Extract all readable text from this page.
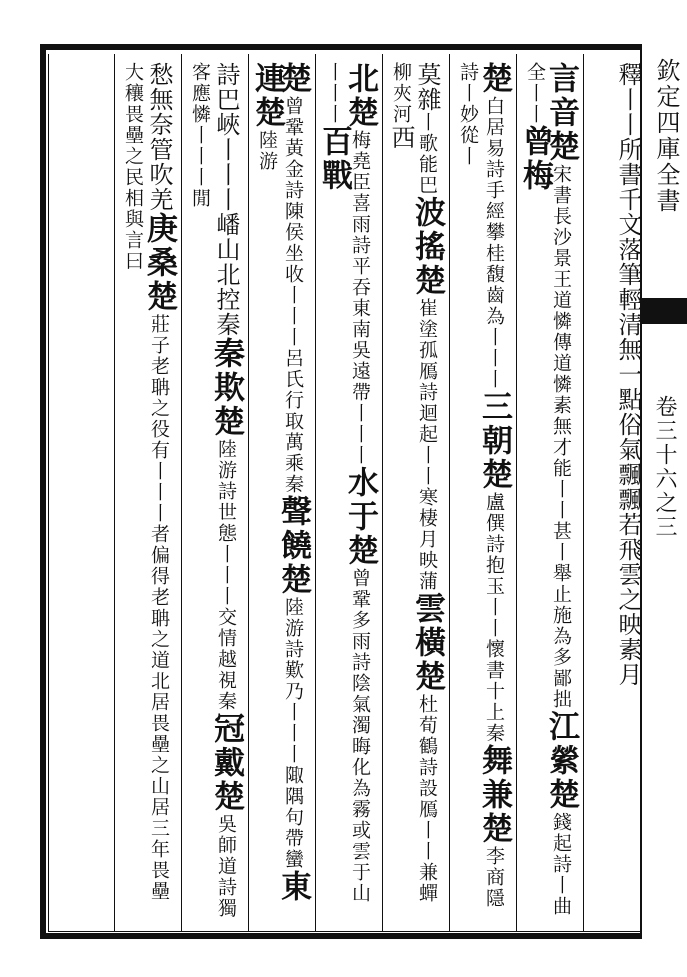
欽定四庫全書
卷三十六之三
釋丨丨所書千文落筆輕清無一點俗氣飄飄若飛雲之映素月
言音楚宋書長沙景王道憐傳道憐素無才能丨丨甚丨舉止施為多鄙拙江縈楚錢起詩丨曲全丨丨曾梅
楚白居易詩手經攀桂馥齒為丨丨丨三朝楚盧僎詩抱玉丨丨懷書十上秦舞兼楚李商隱詩丨妙從丨
莫雜丨歌能巴波搖楚崔塗孤鴈詩迴起丨丨寒棲月映蒲雲橫楚杜荀鶴詩設鴈丨丨兼蟬柳夾河西
北楚梅堯臣喜雨詩平吞東南吳遠帶丨丨丨水于楚曾鞏多雨詩陰氣濁晦化為霧或雲于山丨丨丨百戰
楚曾鞏黃金詩陳侯坐收丨丨丨呂氏行取萬乘秦聲饒楚陸游詩歎乃丨丨丨陬隅句帶蠻東連楚陸游
詩巴峽丨丨丨嶓山北控秦秦欺楚陸游詩世態丨丨丨交情越視秦冠戴楚吳師道詩獨客應憐丨丨丨閒
愁無奈管吹羌庚桑楚莊子老聃之役有丨丨丨者偏得老聃之道北居畏壘之山居三年畏壘大穰畏壘之民相與言曰
